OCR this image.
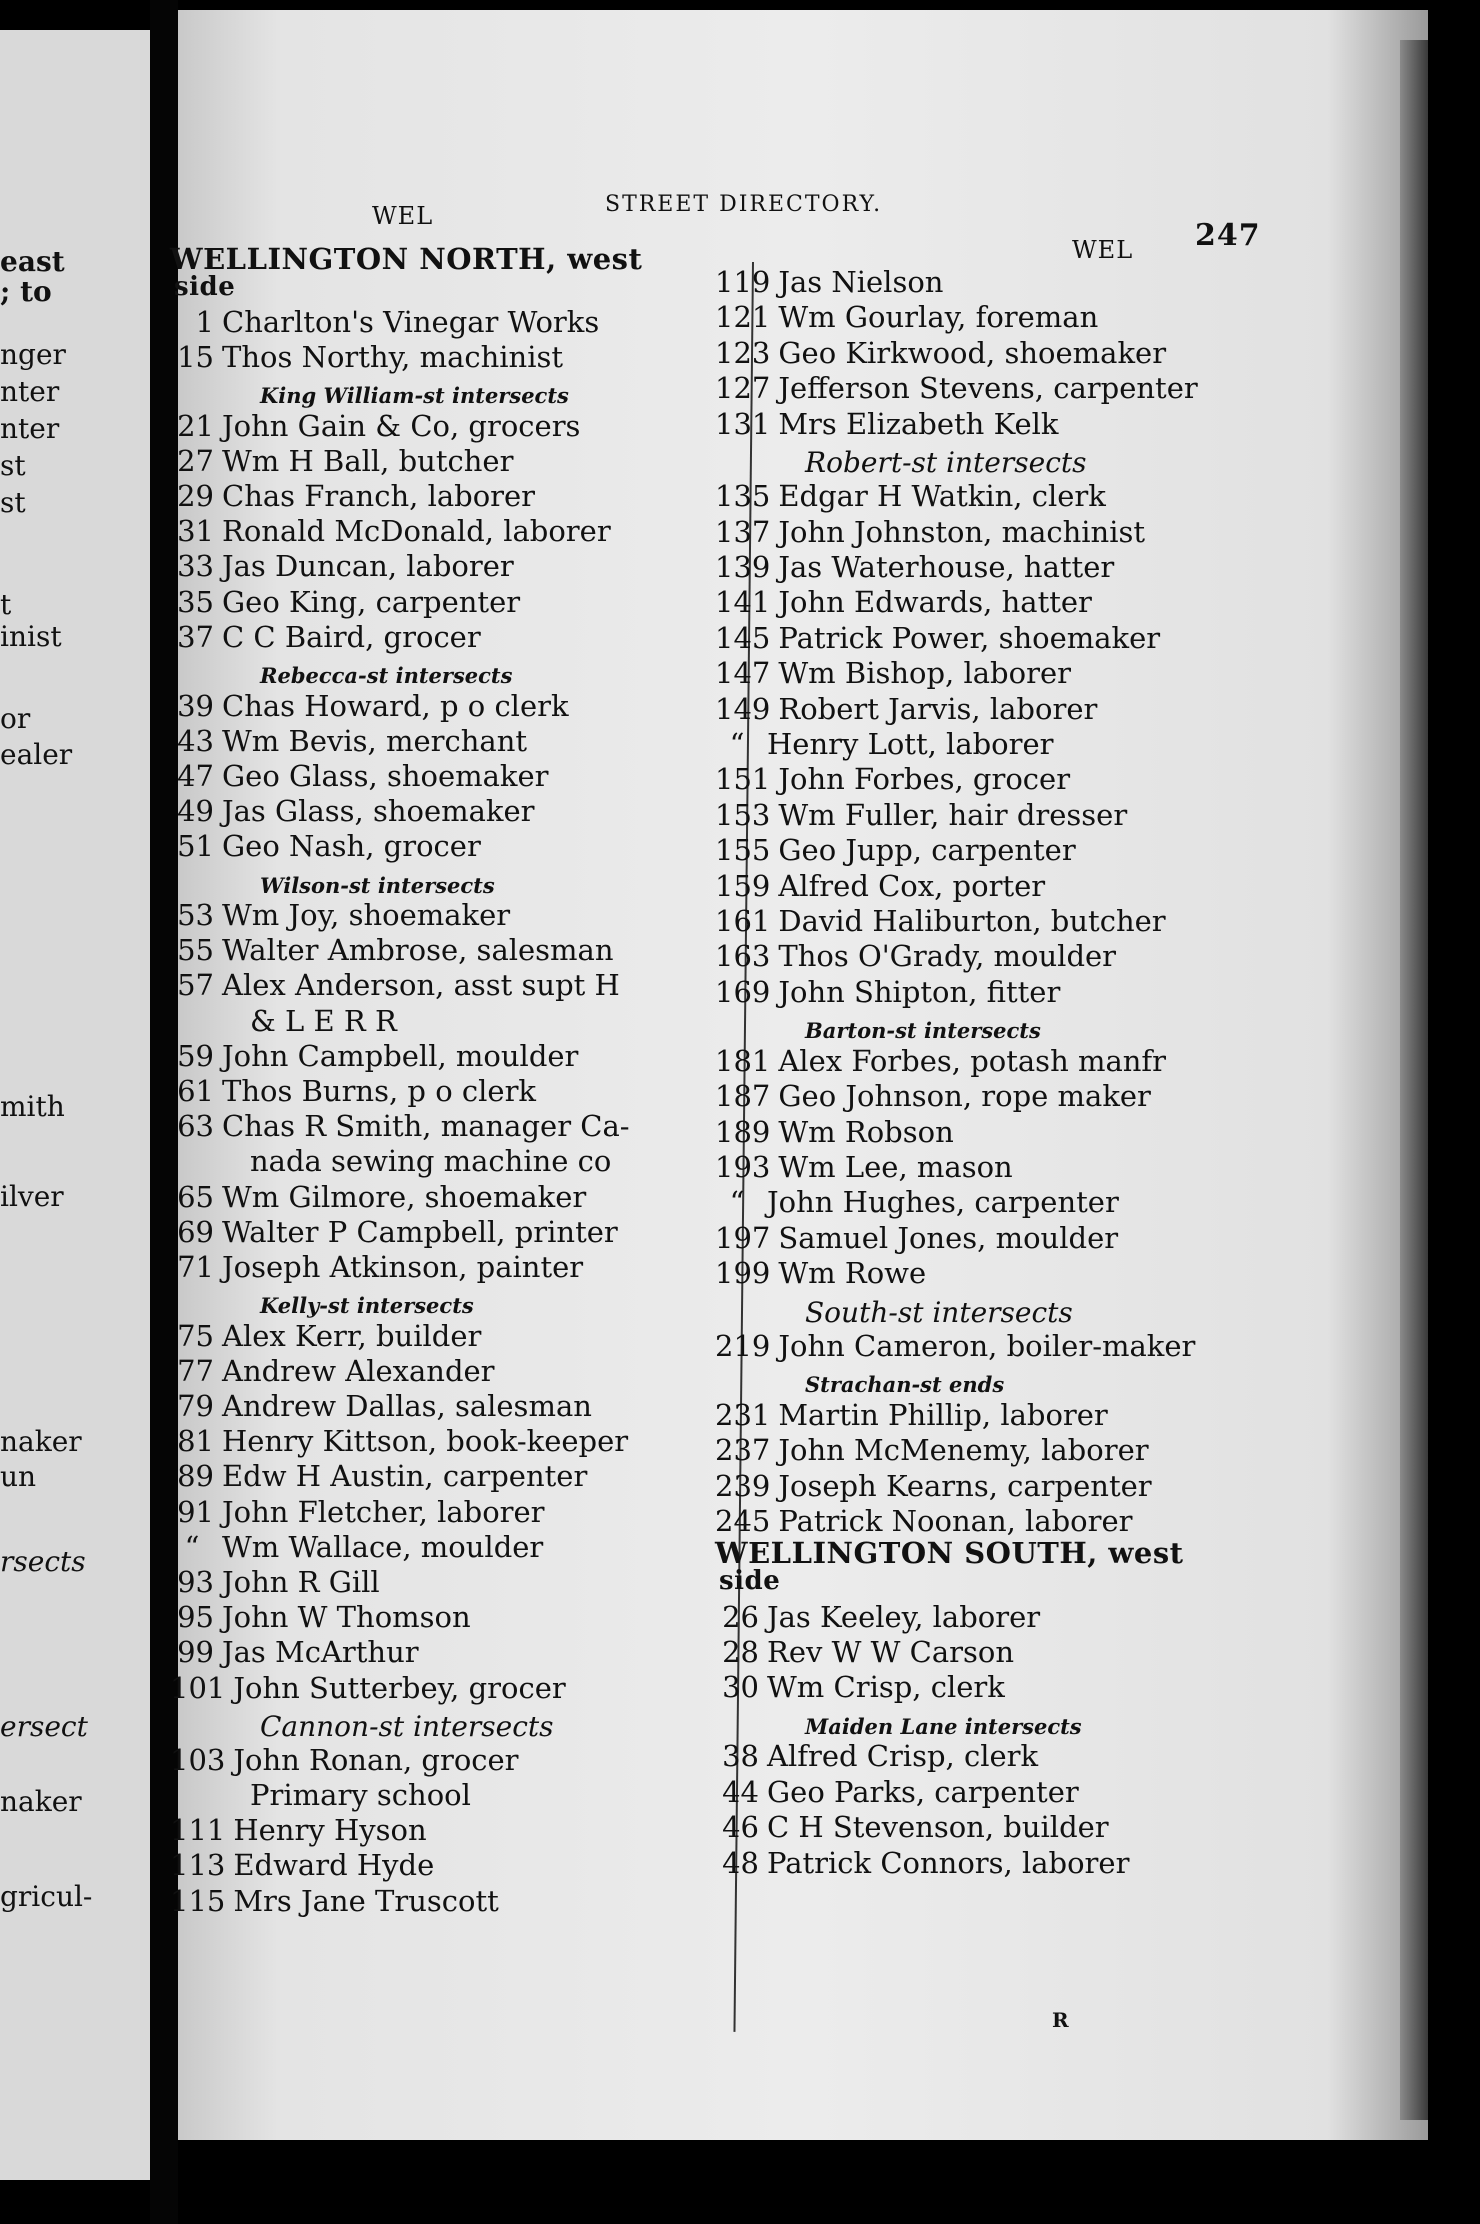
east
; to
nger
nter
nter
st
st
t
inist
or
ealer
mith
ilver
naker
un
rsects
ersect
naker
gricul-
WEL	STREET DIRECTORY.
WEL 247
WELLINGTON NORTH, west
side
1 Charlton's Vinegar Works
15 Thos Northy, machinist
King William-st intersects
21 John Gain & Co, grocers
27 Wm H Ball, butcher
29 Chas Franch, laborer
31 Ronald McDonald, laborer
33 Jas Duncan, laborer
35 Geo King, carpenter
37 C C Baird, grocer
Rebecca-st intersects
39 Chas Howard, p o clerk
43 Wm Bevis, merchant
47 Geo Glass, shoemaker
49 Jas Glass, shoemaker
51 Geo Nash, grocer
Wilson-st intersects
53 Wm Joy, shoemaker
55 Walter Ambrose, salesman
57 Alex Anderson, asst supt H
& L E R R
59 John Campbell, moulder
61 Thos Burns, p o clerk
63 Chas R Smith, manager Ca-
nada sewing machine co
65 Wm Gilmore, shoemaker
69 Walter P Campbell, printer
71 Joseph Atkinson, painter
Kelly-st intersects
75 Alex Kerr, builder
77 Andrew Alexander
79 Andrew Dallas, salesman
81 Henry Kittson, book-keeper
89 Edw H Austin, carpenter
91 John Fletcher, laborer
“ Wm Wallace, moulder
93 John R Gill
95 John W Thomson
99 Jas McArthur
101 John Sutterbey, grocer
Cannon-st intersects
103 John Ronan, grocer
Primary school
111 Henry Hyson
113 Edward Hyde
115 Mrs Jane Truscott
119 Jas Nielson
121 Wm Gourlay, foreman
123 Geo Kirkwood, shoemaker
127 Jefferson Stevens, carpenter
131 Mrs Elizabeth Kelk
Robert-st intersects
135 Edgar H Watkin, clerk
137 John Johnston, machinist
139 Jas Waterhouse, hatter
141 John Edwards, hatter
145 Patrick Power, shoemaker
147 Wm Bishop, laborer
149 Robert Jarvis, laborer
“ Henry Lott, laborer
151 John Forbes, grocer
153 Wm Fuller, hair dresser
155 Geo Jupp, carpenter
159 Alfred Cox, porter
161 David Haliburton, butcher
163 Thos O'Grady, moulder
169 John Shipton, fitter
Barton-st intersects
181 Alex Forbes, potash manfr
187 Geo Johnson, rope maker
189 Wm Robson
193 Wm Lee, mason
“ John Hughes, carpenter
197 Samuel Jones, moulder
199 Wm Rowe
South-st intersects
219 John Cameron, boiler-maker
Strachan-st ends
231 Martin Phillip, laborer
237 John McMenemy, laborer
239 Joseph Kearns, carpenter
245 Patrick Noonan, laborer
WELLINGTON SOUTH, west
side
26 Jas Keeley, laborer
28 Rev W W Carson
30 Wm Crisp, clerk
Maiden Lane intersects
38 Alfred Crisp, clerk
44 Geo Parks, carpenter
46 C H Stevenson, builder
48 Patrick Connors, laborer
R
